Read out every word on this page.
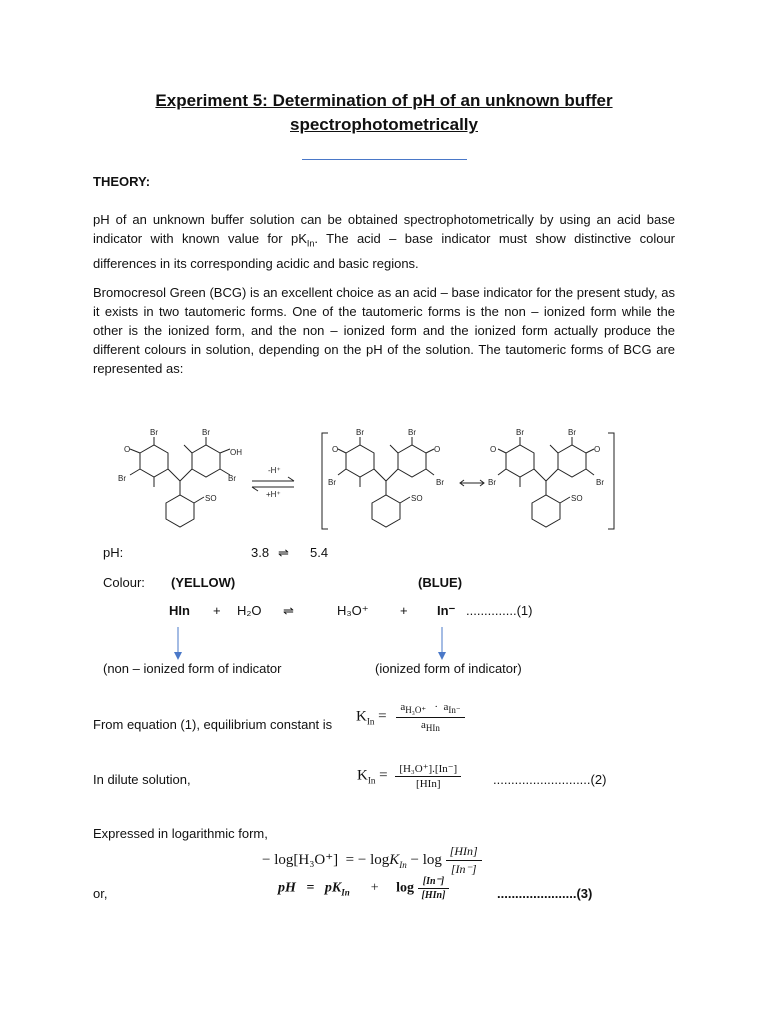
Experiment 5: Determination of pH of an unknown buffer
spectrophotometrically
THEORY:
pH of an unknown buffer solution can be obtained spectrophotometrically by using an acid base indicator with known value for $pK_{In}$. The acid – base indicator must show distinctive colour differences in its corresponding acidic and basic regions.
Bromocresol Green (BCG) is an excellent choice as an acid – base indicator for the present study, as it exists in two tautomeric forms. One of the tautomeric forms is the non – ionized form while the other is the ionized form, and the non – ionized form and the ionized form actually produce the different colours in solution, depending on the pH of the solution. The tautomeric forms of BCG are represented as:
Br	Br
O
Br
OH
Br
SO
-H⁺
+H⁺
Br	Br
O
Br
O
Br
SO
Br	Br
O
Br
O
Br
SO
pH:	3.8 ⇌ 5.4
Colour: (YELLOW)	(BLUE)
HIn + H₂O ⇌	H₃O⁺ + In⁻ ..............(1)
(non – ionized form of indicator	(ionized form of indicator)
From equation (1), equilibrium constant is $K_{In} = \frac{a_{H_3O^+} \cdot a_{In^-}}{a_{HIn}}$
In dilute solution,	$K_{In} = \frac{\text{[H₃O⁺].[In⁻]}}{\text{[HIn]}} ...........................(2)$
Expressed in logarithmic form,
− log[H₃O⁺]  = − $\log K_{In} - \log \frac{\text{[HIn]}}{[In^-]}$
or,	pH   =   $pK_{In} + \log \frac{[In^-]}{\text{[HIn]}}$	......................(3)
